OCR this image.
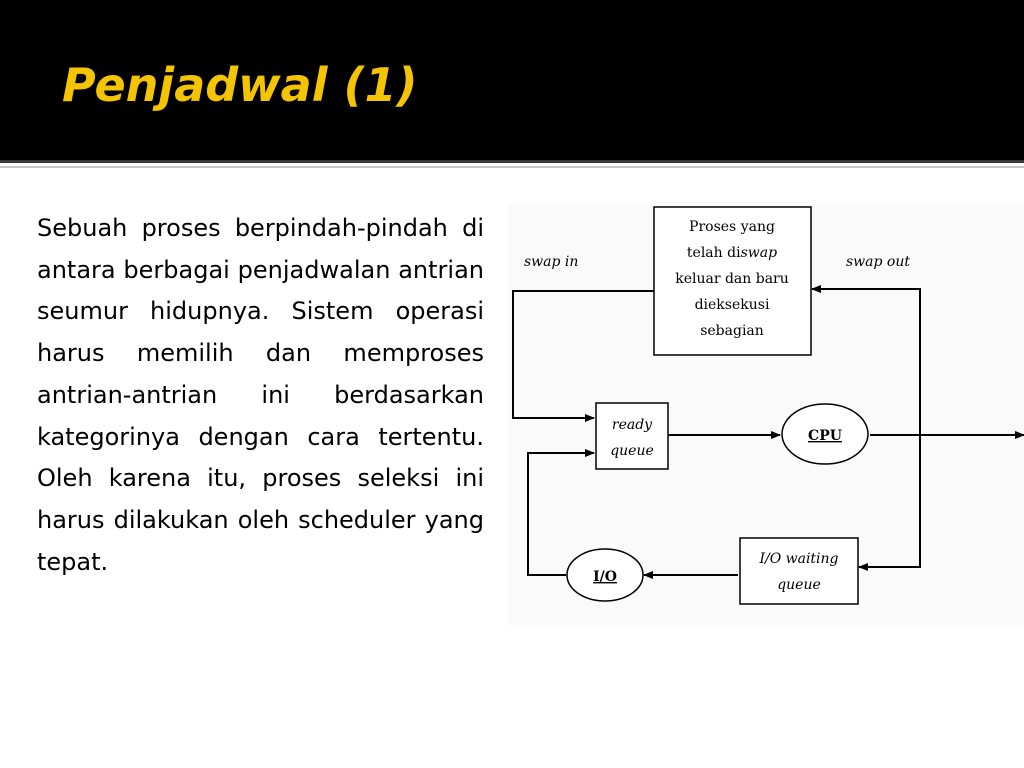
Penjadwal (1)

Sebuah proses berpindah-pindah di antara berbagai penjadwalan antrian seumur hidupnya. Sistem operasi harus memilih dan memproses antrian-antrian ini berdasarkan kategorinya dengan cara tertentu. Oleh karena itu, proses seleksi ini harus dilakukan oleh scheduler yang tepat.

Proses yang
telah diswap
keluar dan baru
dieksekusi
sebagian
swap in	swap out
ready
queue
CPU
I/O waiting
queue
I/O
